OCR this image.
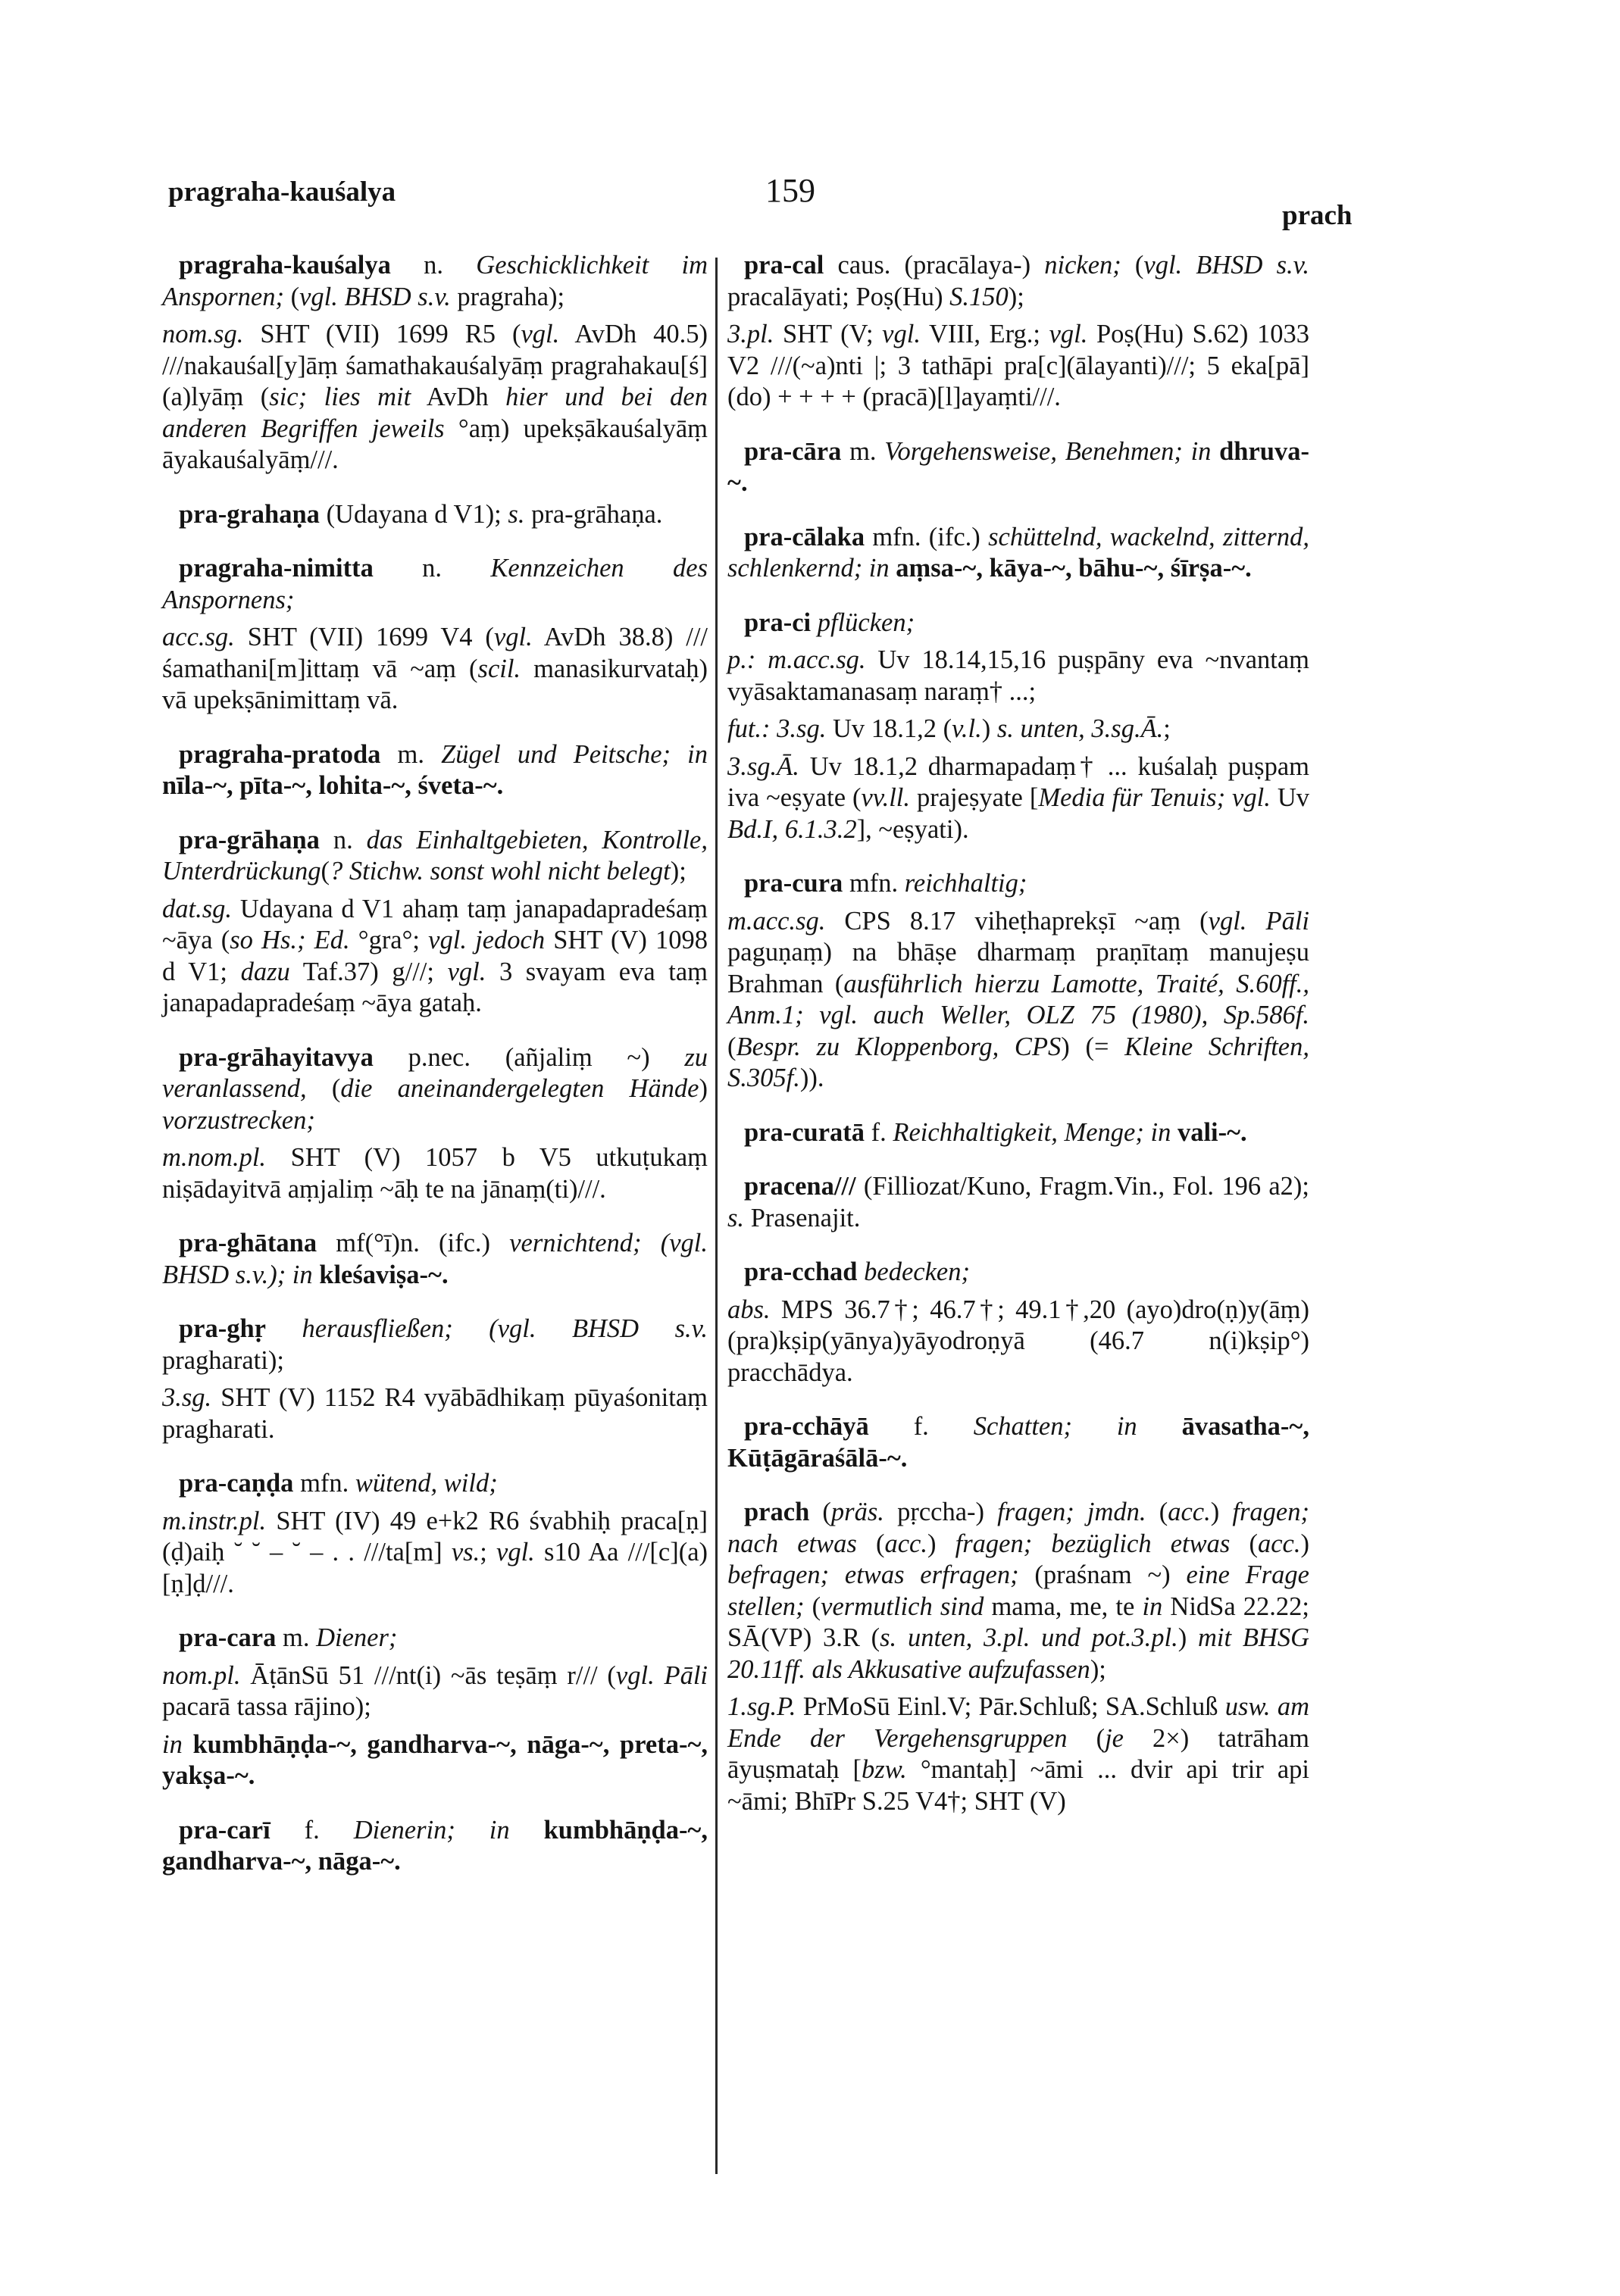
pragraha-kauśalya	159
prach

pragraha-kauśalya n. Geschicklichkeit im Anspornen; (vgl. BHSD s.v. pragraha);

nom.sg. SHT (VII) 1699 R5 (vgl. AvDh 40.5) ///nakauśal[y]āṃ śamathakauśalyāṃ pragrahakau[ś](a)lyāṃ (sic; lies mit AvDh hier und bei den anderen Begriffen jeweils °aṃ) upekṣākauśalyāṃ āyakauśalyāṃ///.

pra-grahaṇa (Udayana d V1); s. pra-grāhaṇa.

pragraha-nimitta n. Kennzeichen des Anspornens;

acc.sg. SHT (VII) 1699 V4 (vgl. AvDh 38.8) ///śamathani[m]ittaṃ vā ~aṃ (scil. manasikurvataḥ) vā upekṣānimittaṃ vā.

pragraha-pratoda m. Zügel und Peitsche; in nīla-~, pīta-~, lohita-~, śveta-~.

pra-grāhaṇa n. das Einhaltgebieten, Kontrolle, Unterdrückung(? Stichw. sonst wohl nicht belegt);

dat.sg. Udayana d V1 ahaṃ taṃ janapadapradeśaṃ ~āya (so Hs.; Ed. °gra°; vgl. jedoch SHT (V) 1098 d V1; dazu Taf.37) g///; vgl. 3 svayam eva taṃ janapadapradeśaṃ ~āya gataḥ.

pra-grāhayitavya p.nec. (añjaliṃ ~) zu veranlassend, (die aneinandergelegten Hände) vorzustrecken;

m.nom.pl. SHT (V) 1057 b V5 utkuṭukaṃ niṣādayitvā aṃjaliṃ ~āḥ te na jānaṃ(ti)///.

pra-ghātana mf(°ī)n. (ifc.) vernichtend; (vgl. BHSD s.v.); in kleśaviṣa-~.

pra-ghṛ herausfließen; (vgl. BHSD s.v. pragharati);

3.sg. SHT (V) 1152 R4 vyābādhikaṃ pūyaśonitaṃ pragharati.

pra-caṇḍa mfn. wütend, wild;

m.instr.pl. SHT (IV) 49 e+k2 R6 śvabhiḥ praca[ṇ](ḍ)aiḥ ˘ ˘ – ˘ – . . ///ta[m] vs.; vgl. s10 Aa ///[c](a)[ṇ]ḍ///.

pra-cara m. Diener;

nom.pl. ĀṭānSū 51 ///nt(i) ~ās teṣāṃ r/// (vgl. Pāli pacarā tassa rājino);

in kumbhāṇḍa-~, gandharva-~, nāga-~, preta-~, yakṣa-~.

pra-carī f. Dienerin; in kumbhāṇḍa-~, gandharva-~, nāga-~.

pra-cal caus. (pracālaya-) nicken; (vgl. BHSD s.v. pracalāyati; Poṣ(Hu) S.150);

3.pl. SHT (V; vgl. VIII, Erg.; vgl. Poṣ(Hu) S.62) 1033 V2 ///(~a)nti |; 3 tathāpi pra[c](ālayanti)///; 5 eka[pā](do) + + + + (pracā)[l]ayaṃti///.

pra-cāra m. Vorgehensweise, Benehmen; in dhruva-~.

pra-cālaka mfn. (ifc.) schüttelnd, wackelnd, zitternd, schlenkernd; in aṃsa-~, kāya-~, bāhu-~, śīrṣa-~.

pra-ci pflücken;

p.: m.acc.sg. Uv 18.14,15,16 puṣpāny eva ~nvantaṃ vyāsaktamanasaṃ naraṃ† ...;

fut.: 3.sg. Uv 18.1,2 (v.l.) s. unten, 3.sg.Ā.;

3.sg.Ā. Uv 18.1,2 dharmapadaṃ† ... kuśalaḥ puṣpam iva ~eṣyate (vv.ll. prajeṣyate [Media für Tenuis; vgl. Uv Bd.I, 6.1.3.2], ~eṣyati).

pra-cura mfn. reichhaltig;

m.acc.sg. CPS 8.17 viheṭhaprekṣī ~aṃ (vgl. Pāli paguṇaṃ) na bhāṣe dharmaṃ praṇītaṃ manujeṣu Brahman (ausführlich hierzu Lamotte, Traité, S.60ff., Anm.1; vgl. auch Weller, OLZ 75 (1980), Sp.586f. (Bespr. zu Kloppenborg, CPS) (= Kleine Schriften, S.305f.)).

pra-curatā f. Reichhaltigkeit, Menge; in vali-~.

pracena/// (Filliozat/Kuno, Fragm.Vin., Fol. 196 a2); s. Prasenajit.

pra-cchad bedecken;

abs. MPS 36.7†; 46.7†; 49.1†,20 (ayo)dro(ṇ)y(āṃ) (pra)kṣip(yānya)yāyodroṇyā (46.7 n(i)kṣip°) pracchādya.

pra-cchāyā f. Schatten; in āvasatha-~, Kūṭāgāraśālā-~.

prach (präs. pṛccha-) fragen; jmdn. (acc.) fragen; nach etwas (acc.) fragen; bezüglich etwas (acc.) befragen; etwas erfragen; (praśnam ~) eine Frage stellen; (vermutlich sind mama, me, te in NidSa 22.22; SĀ(VP) 3.R (s. unten, 3.pl. und pot.3.pl.) mit BHSG 20.11ff. als Akkusative aufzufassen);

1.sg.P. PrMoSū Einl.V; Pār.Schluß; SA.Schluß usw. am Ende der Vergehensgruppen (je 2×) tatrāham āyuṣmataḥ [bzw. °mantaḥ] ~āmi ... dvir api trir api ~āmi; BhīPr S.25 V4†; SHT (V)
